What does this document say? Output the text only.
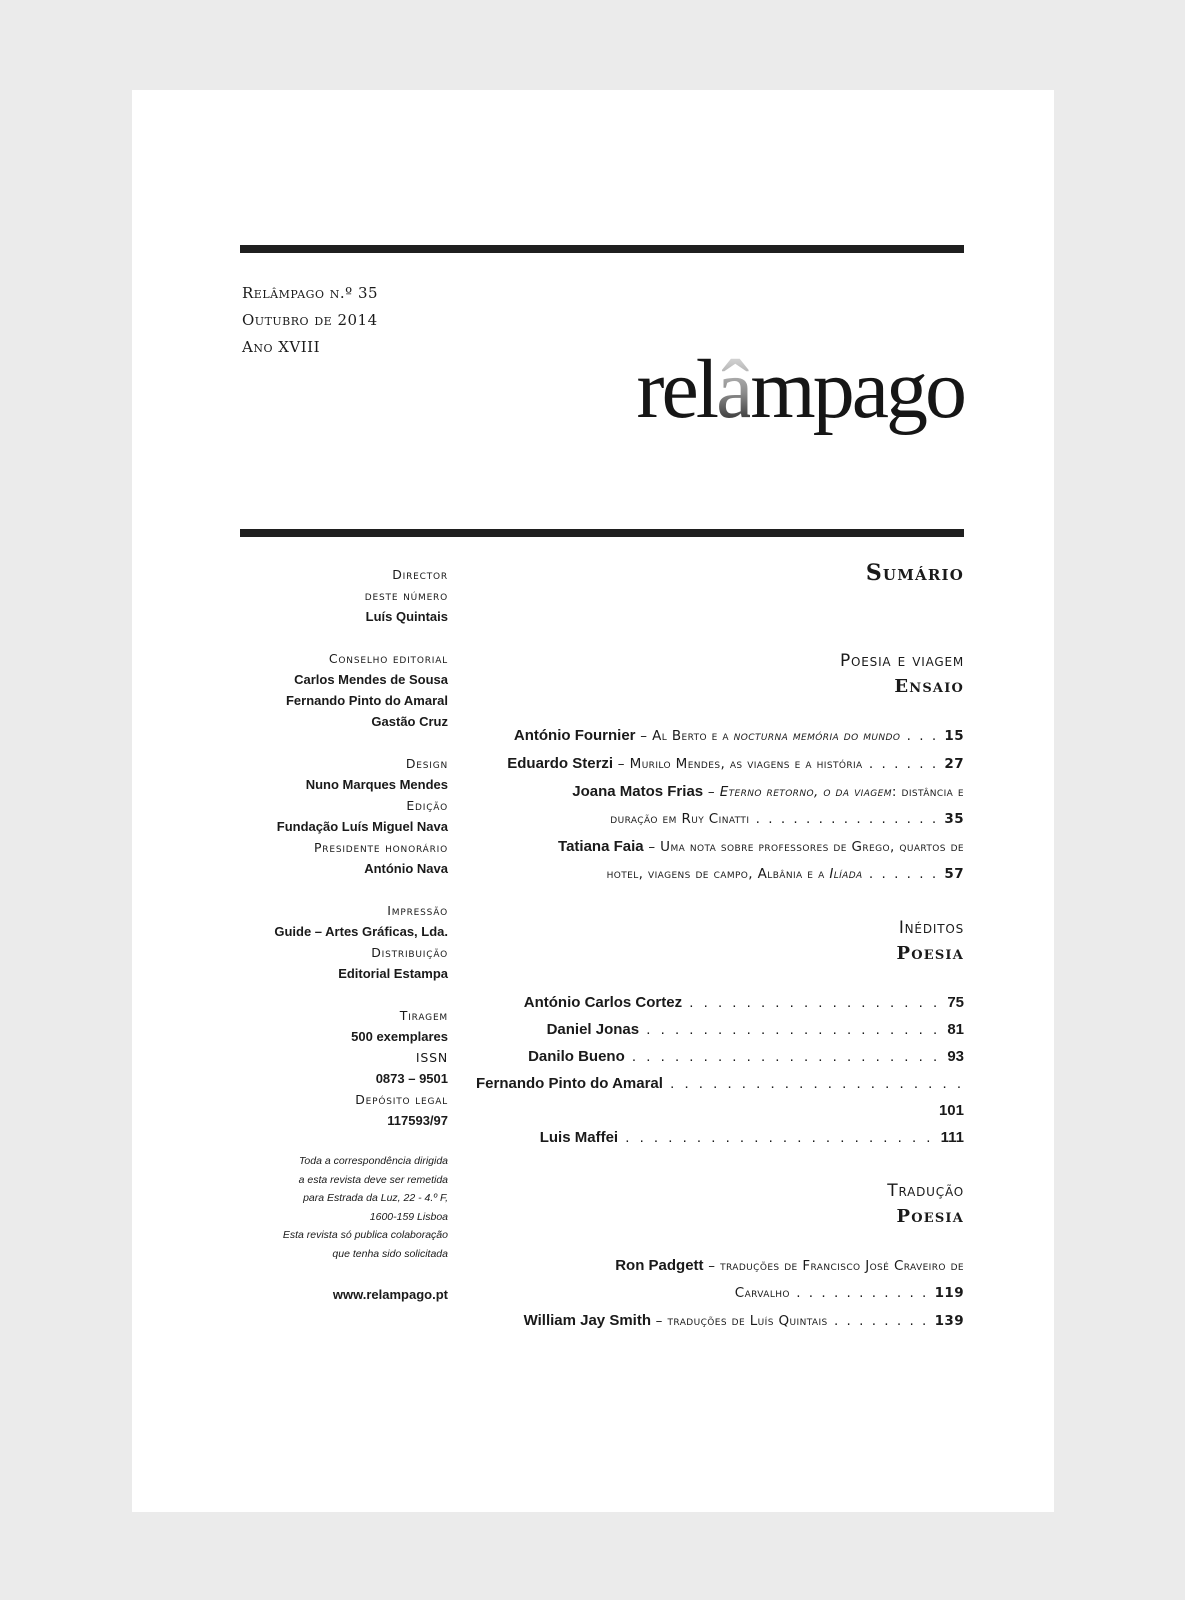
Relâmpago n.º 35
Outubro de 2014
Ano XVIII	relâmpago
Director
deste número
Luís Quintais
Conselho editorial
Carlos Mendes de Sousa
Fernando Pinto do Amaral
Gastão Cruz
Design
Nuno Marques Mendes
Edição
Fundação Luís Miguel Nava
Presidente honorário
António Nava
Impressão
Guide – Artes Gráficas, Lda.
Distribuição
Editorial Estampa
Tiragem
500 exemplares
ISSN
0873 – 9501
Depósito legal
117593/97
Toda a correspondência dirigida
a esta revista deve ser remetida
para Estrada da Luz, 22 - 4.º F,
1600-159 Lisboa
Esta revista só publica colaboração
que tenha sido solicitada
www.relampago.pt
Sumário
Poesia e viagem
Ensaio
António Fournier – Al Berto e a nocturna memória do mundo . . . 15
Eduardo Sterzi – Murilo Mendes, as viagens e a história . . . . . . 27
Joana Matos Frias – Eterno retorno, o da viagem: distância e
duração em Ruy Cinatti . . . . . . . . . . . . . . . 35
Tatiana Faia – Uma nota sobre professores de Grego, quartos de
hotel, viagens de campo, Albânia e a Ilíada . . . . . . 57
Inéditos
Poesia
António Carlos Cortez . . . . . . . . . . . . . . . . . . 75
Daniel Jonas . . . . . . . . . . . . . . . . . . . . . 81
Danilo Bueno . . . . . . . . . . . . . . . . . . . . . . 93
Fernando Pinto do Amaral . . . . . . . . . . . . . . . . . . . . . 101
Luis Maffei . . . . . . . . . . . . . . . . . . . . . . 111
Tradução
Poesia
Ron Padgett – traduções de Francisco José Craveiro de
Carvalho . . . . . . . . . . . 119
William Jay Smith – traduções de Luís Quintais . . . . . . . . 139
